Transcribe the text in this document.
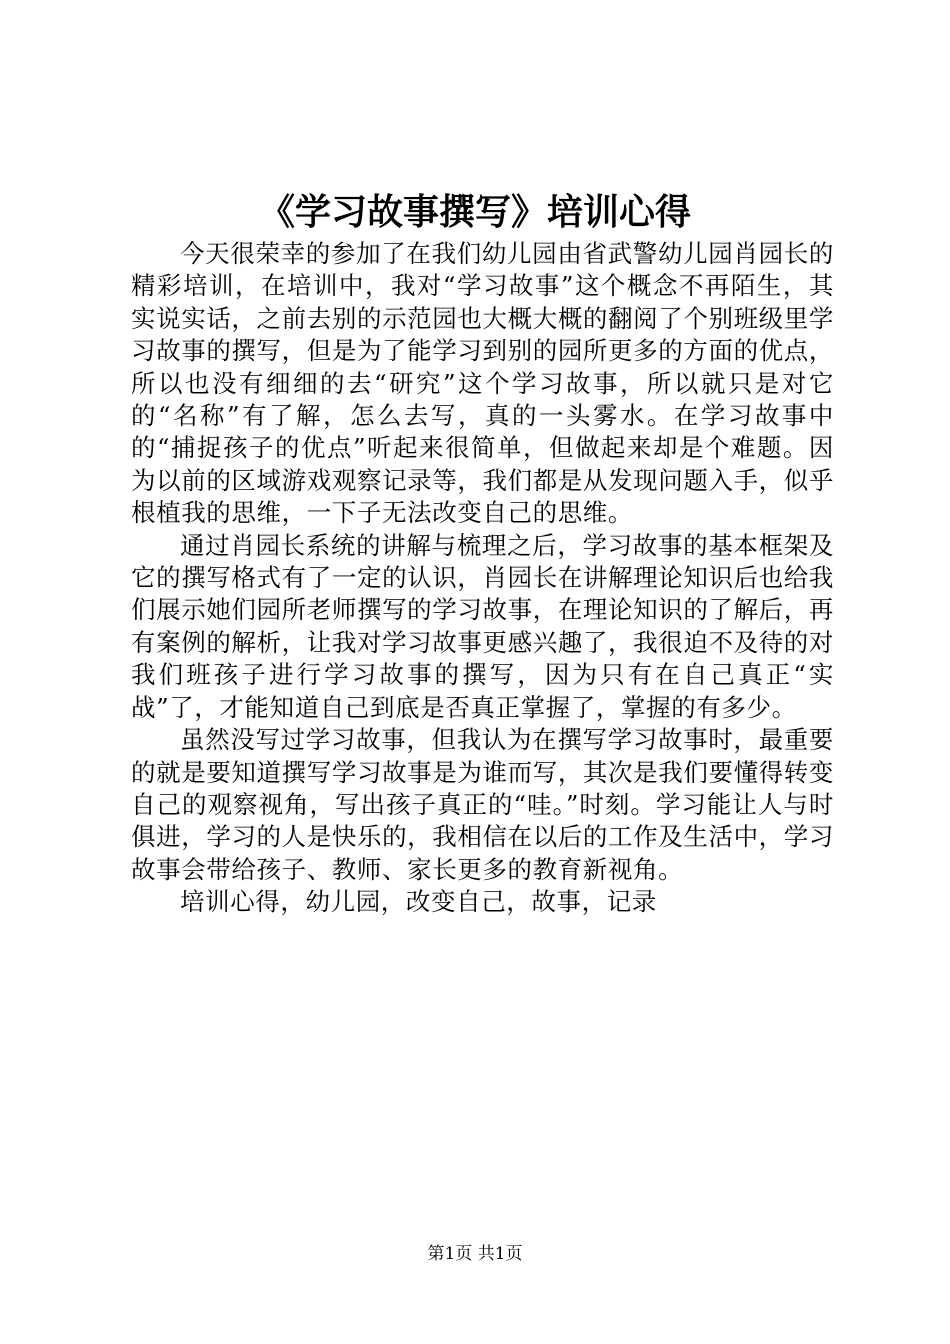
《学习故事撰写》培训心得

今天很荣幸的参加了在我们幼儿园由省武警幼儿园肖园长的精彩培训，在培训中，我对“学习故事”这个概念不再陌生，其实说实话，之前去别的示范园也大概大概的翻阅了个别班级里学习故事的撰写，但是为了能学习到别的园所更多的方面的优点，所以也没有细细的去“研究”这个学习故事，所以就只是对它的“名称”有了解，怎么去写，真的一头雾水。在学习故事中的“捕捉孩子的优点”听起来很简单，但做起来却是个难题。因为以前的区域游戏观察记录等，我们都是从发现问题入手，似乎根植我的思维，一下子无法改变自己的思维。

通过肖园长系统的讲解与梳理之后，学习故事的基本框架及它的撰写格式有了一定的认识，肖园长在讲解理论知识后也给我们展示她们园所老师撰写的学习故事，在理论知识的了解后，再有案例的解析，让我对学习故事更感兴趣了，我很迫不及待的对我们班孩子进行学习故事的撰写，因为只有在自己真正“实战”了，才能知道自己到底是否真正掌握了，掌握的有多少。

虽然没写过学习故事，但我认为在撰写学习故事时，最重要的就是要知道撰写学习故事是为谁而写，其次是我们要懂得转变自己的观察视角，写出孩子真正的“哇。”时刻。学习能让人与时俱进，学习的人是快乐的，我相信在以后的工作及生活中，学习故事会带给孩子、教师、家长更多的教育新视角。

培训心得，幼儿园，改变自己，故事，记录

第1页 共1页
